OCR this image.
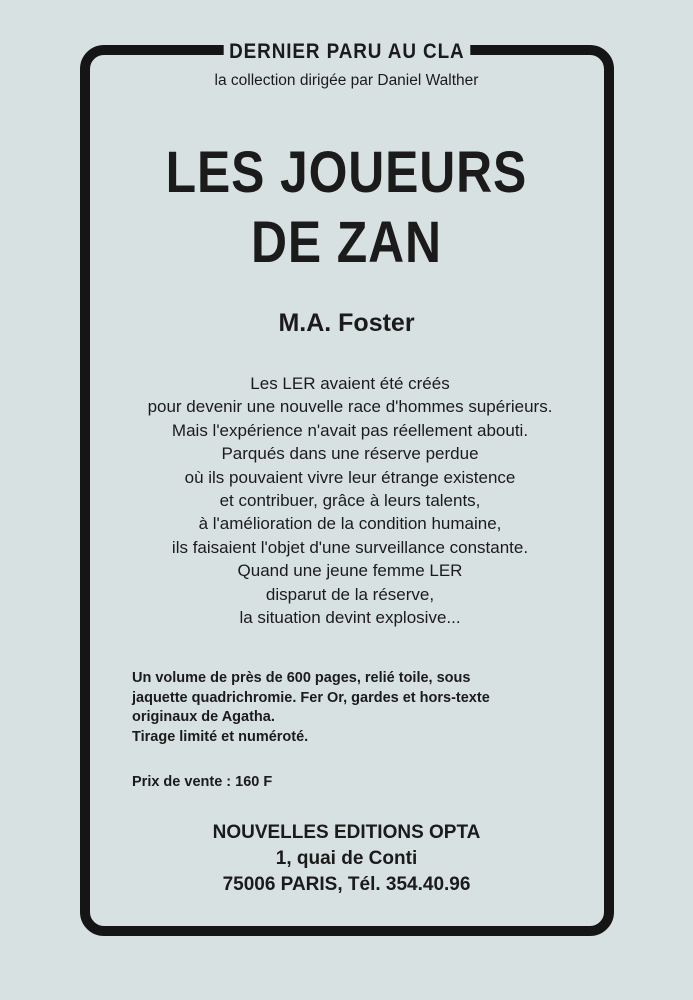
DERNIER PARU AU CLA
la collection dirigée par Daniel Walther
LES JOUEURS
DE ZAN
M.A. Foster
Les LER avaient été créés
pour devenir une nouvelle race d'hommes supérieurs.
Mais l'expérience n'avait pas réellement abouti.
Parqués dans une réserve perdue
où ils pouvaient vivre leur étrange existence
et contribuer, grâce à leurs talents,
à l'amélioration de la condition humaine,
ils faisaient l'objet d'une surveillance constante.
Quand une jeune femme LER
disparut de la réserve,
la situation devint explosive...
Un volume de près de 600 pages, relié toile, sous
jaquette quadrichromie. Fer Or, gardes et hors-texte
originaux de Agatha.
Tirage limité et numéroté.
Prix de vente : 160 F
NOUVELLES EDITIONS OPTA
1, quai de Conti
75006 PARIS, Tél. 354.40.96
